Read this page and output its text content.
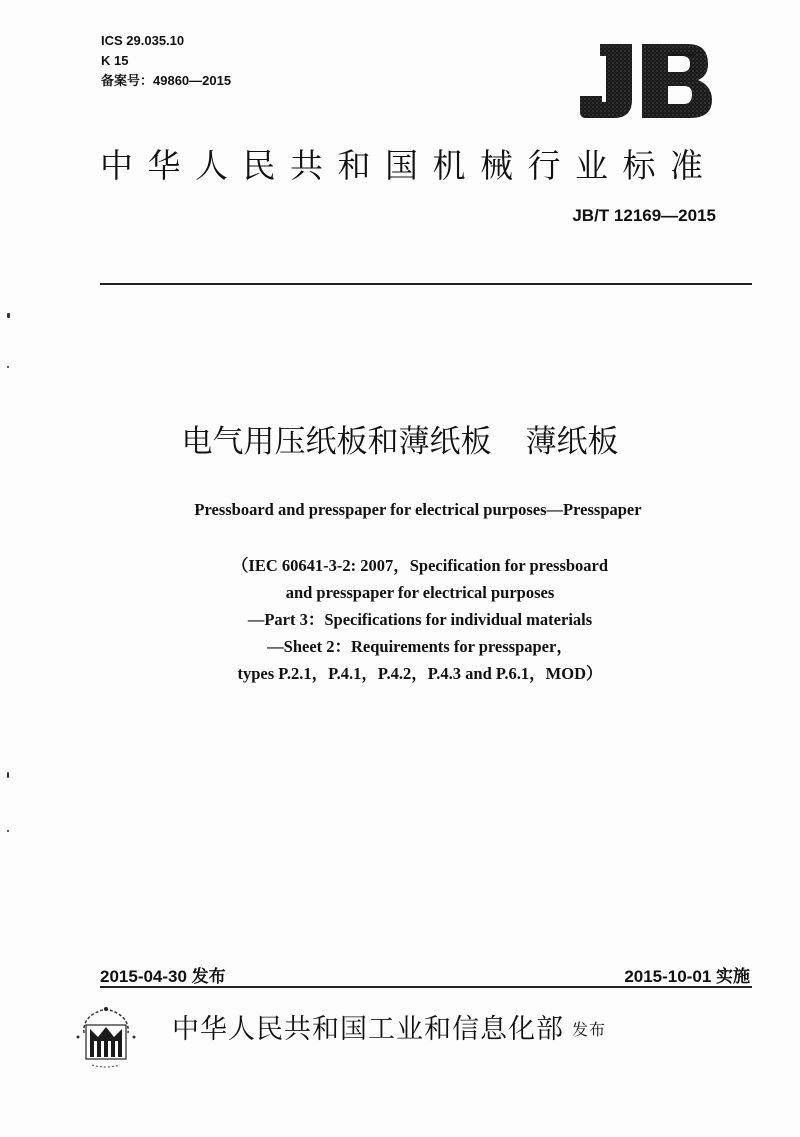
ICS 29.035.10
K 15
备案号：49860—2015
中华人民共和国机械行业标准
JB/T 12169—2015
电气用压纸板和薄纸板 薄纸板
Pressboard and presspaper for electrical purposes—Presspaper
（IEC 60641-3-2: 2007，Specification for pressboard
and presspaper for electrical purposes
—Part 3：Specifications for individual materials
—Sheet 2：Requirements for presspaper，
types P.2.1，P.4.1，P.4.2，P.4.3 and P.6.1，MOD）
2015-04-30 发布	2015-10-01 实施
中华人民共和国工业和信息化部 发布
